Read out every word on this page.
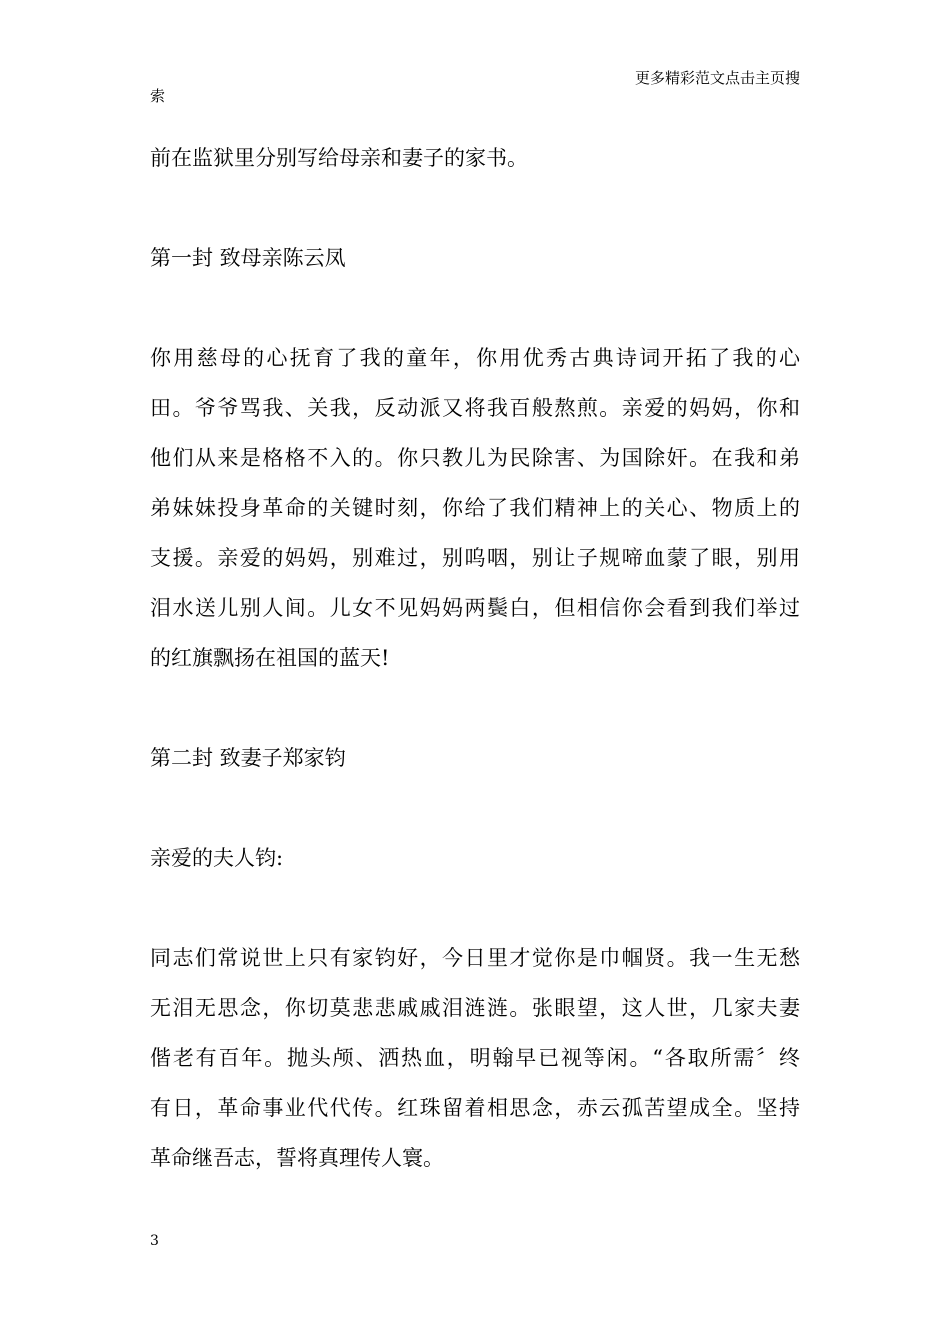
更多精彩范文点击主页搜
索

前在监狱里分别写给母亲和妻子的家书。

第一封 致母亲陈云凤

你用慈母的心抚育了我的童年，你用优秀古典诗词开拓了我的心
田。爷爷骂我、关我，反动派又将我百般熬煎。亲爱的妈妈，你和
他们从来是格格不入的。你只教儿为民除害、为国除奸。在我和弟
弟妹妹投身革命的关键时刻，你给了我们精神上的关心、物质上的
支援。亲爱的妈妈，别难过，别呜咽，别让子规啼血蒙了眼，别用
泪水送儿别人间。儿女不见妈妈两鬓白，但相信你会看到我们举过
的红旗飘扬在祖国的蓝天!

第二封 致妻子郑家钧

亲爱的夫人钧:

同志们常说世上只有家钧好，今日里才觉你是巾帼贤。我一生无愁
无泪无思念，你切莫悲悲戚戚泪涟涟。张眼望，这人世，几家夫妻
偕老有百年。抛头颅、洒热血，明翰早已视等闲。“各取所需〞终
有日，革命事业代代传。红珠留着相思念，赤云孤苦望成全。坚持
革命继吾志，誓将真理传人寰。

3
